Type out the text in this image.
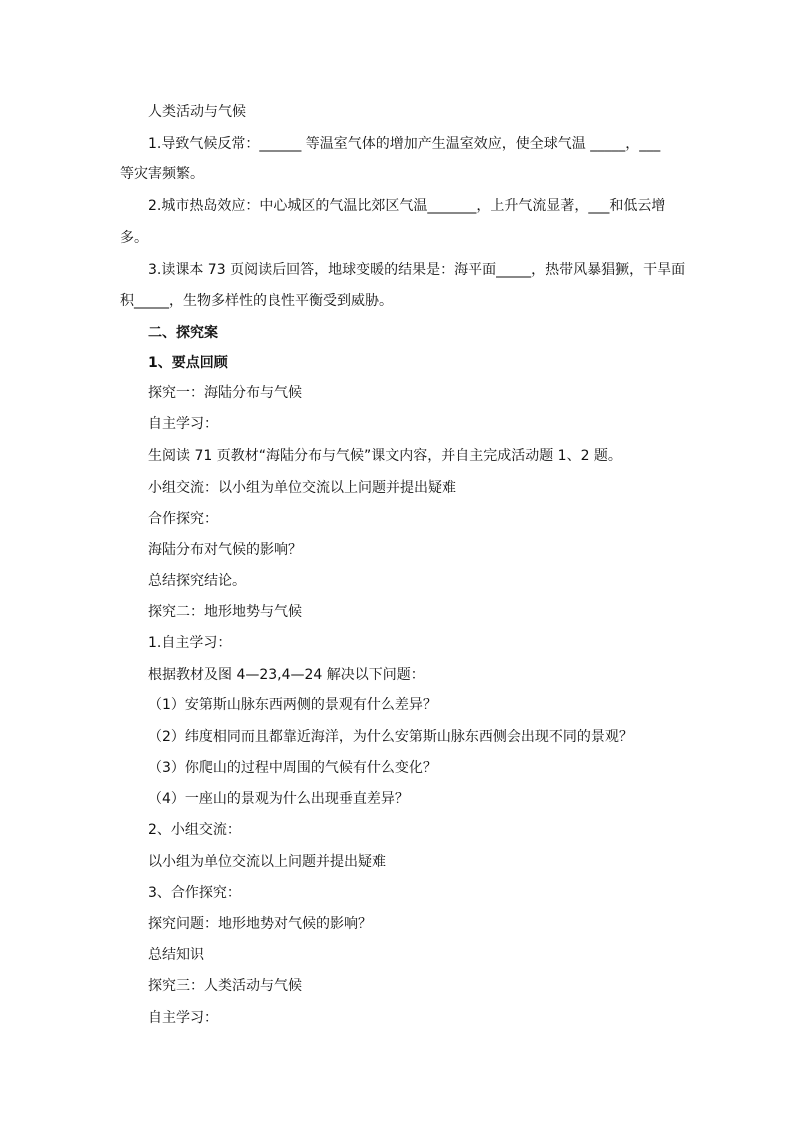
人类活动与气候
1.导致气候反常：______ 等温室气体的增加产生温室效应，使全球气温 _____，___
等灾害频繁。
2.城市热岛效应：中心城区的气温比郊区气温_______，上升气流显著，___和低云增
多。
3.读课本 73 页阅读后回答，地球变暖的结果是：海平面_____，热带风暴猖獗，干旱面
积_____，生物多样性的良性平衡受到威胁。
二、探究案
1、要点回顾
探究一：海陆分布与气候
自主学习：
生阅读 71 页教材“海陆分布与气候”课文内容，并自主完成活动题 1、2 题。
小组交流：以小组为单位交流以上问题并提出疑难
合作探究：
海陆分布对气候的影响？
总结探究结论。
探究二：地形地势与气候
1.自主学习：
根据教材及图 4—23,4—24 解决以下问题：
（1）安第斯山脉东西两侧的景观有什么差异？
（2）纬度相同而且都靠近海洋，为什么安第斯山脉东西侧会出现不同的景观？
（3）你爬山的过程中周围的气候有什么变化？
（4）一座山的景观为什么出现垂直差异？
2、小组交流：
以小组为单位交流以上问题并提出疑难
3、合作探究：
探究问题：地形地势对气候的影响？
总结知识
探究三：人类活动与气候
自主学习：
